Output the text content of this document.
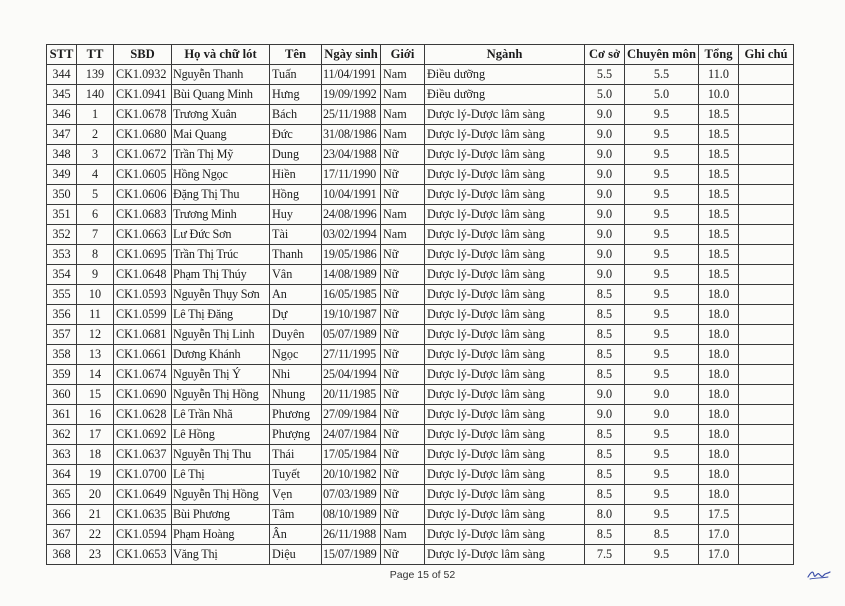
STT	TT	SBD	Họ và chữ lót	Tên	Ngày sinh	Giới	Ngành	Cơ sở	Chuyên môn	Tổng	Ghi chú
344	139	CK1.0932	Nguyễn Thanh	Tuấn	11/04/1991	Nam	Điều dưỡng	5.5	5.5	11.0	
345	140	CK1.0941	Bùi Quang Minh	Hưng	19/09/1992	Nam	Điều dưỡng	5.0	5.0	10.0	
346	1	CK1.0678	Trương Xuân	Bách	25/11/1988	Nam	Dược lý-Dược lâm sàng	9.0	9.5	18.5	
347	2	CK1.0680	Mai Quang	Đức	31/08/1986	Nam	Dược lý-Dược lâm sàng	9.0	9.5	18.5	
348	3	CK1.0672	Trần Thị Mỹ	Dung	23/04/1988	Nữ	Dược lý-Dược lâm sàng	9.0	9.5	18.5	
349	4	CK1.0605	Hồng Ngọc	Hiền	17/11/1990	Nữ	Dược lý-Dược lâm sàng	9.0	9.5	18.5	
350	5	CK1.0606	Đặng Thị Thu	Hồng	10/04/1991	Nữ	Dược lý-Dược lâm sàng	9.0	9.5	18.5	
351	6	CK1.0683	Trương Minh	Huy	24/08/1996	Nam	Dược lý-Dược lâm sàng	9.0	9.5	18.5	
352	7	CK1.0663	Lư Đức Sơn	Tài	03/02/1994	Nam	Dược lý-Dược lâm sàng	9.0	9.5	18.5	
353	8	CK1.0695	Trần Thị Trúc	Thanh	19/05/1986	Nữ	Dược lý-Dược lâm sàng	9.0	9.5	18.5	
354	9	CK1.0648	Phạm Thị Thúy	Vân	14/08/1989	Nữ	Dược lý-Dược lâm sàng	9.0	9.5	18.5	
355	10	CK1.0593	Nguyễn Thụy Sơn	An	16/05/1985	Nữ	Dược lý-Dược lâm sàng	8.5	9.5	18.0	
356	11	CK1.0599	Lê Thị Đăng	Dự	19/10/1987	Nữ	Dược lý-Dược lâm sàng	8.5	9.5	18.0	
357	12	CK1.0681	Nguyễn Thị Linh	Duyên	05/07/1989	Nữ	Dược lý-Dược lâm sàng	8.5	9.5	18.0	
358	13	CK1.0661	Dương Khánh	Ngọc	27/11/1995	Nữ	Dược lý-Dược lâm sàng	8.5	9.5	18.0	
359	14	CK1.0674	Nguyễn Thị Ý	Nhi	25/04/1994	Nữ	Dược lý-Dược lâm sàng	8.5	9.5	18.0	
360	15	CK1.0690	Nguyễn Thị Hồng	Nhung	20/11/1985	Nữ	Dược lý-Dược lâm sàng	9.0	9.0	18.0	
361	16	CK1.0628	Lê Trần Nhã	Phương	27/09/1984	Nữ	Dược lý-Dược lâm sàng	9.0	9.0	18.0	
362	17	CK1.0692	Lê Hồng	Phượng	24/07/1984	Nữ	Dược lý-Dược lâm sàng	8.5	9.5	18.0	
363	18	CK1.0637	Nguyễn Thị Thu	Thái	17/05/1984	Nữ	Dược lý-Dược lâm sàng	8.5	9.5	18.0	
364	19	CK1.0700	Lê Thị	Tuyết	20/10/1982	Nữ	Dược lý-Dược lâm sàng	8.5	9.5	18.0	
365	20	CK1.0649	Nguyễn Thị Hồng	Vẹn	07/03/1989	Nữ	Dược lý-Dược lâm sàng	8.5	9.5	18.0	
366	21	CK1.0635	Bùi Phương	Tâm	08/10/1989	Nữ	Dược lý-Dược lâm sàng	8.0	9.5	17.5	
367	22	CK1.0594	Phạm Hoàng	Ân	26/11/1988	Nam	Dược lý-Dược lâm sàng	8.5	8.5	17.0	
368	23	CK1.0653	Văng Thị	Diệu	15/07/1989	Nữ	Dược lý-Dược lâm sàng	7.5	9.5	17.0	
Page 15 of 52
